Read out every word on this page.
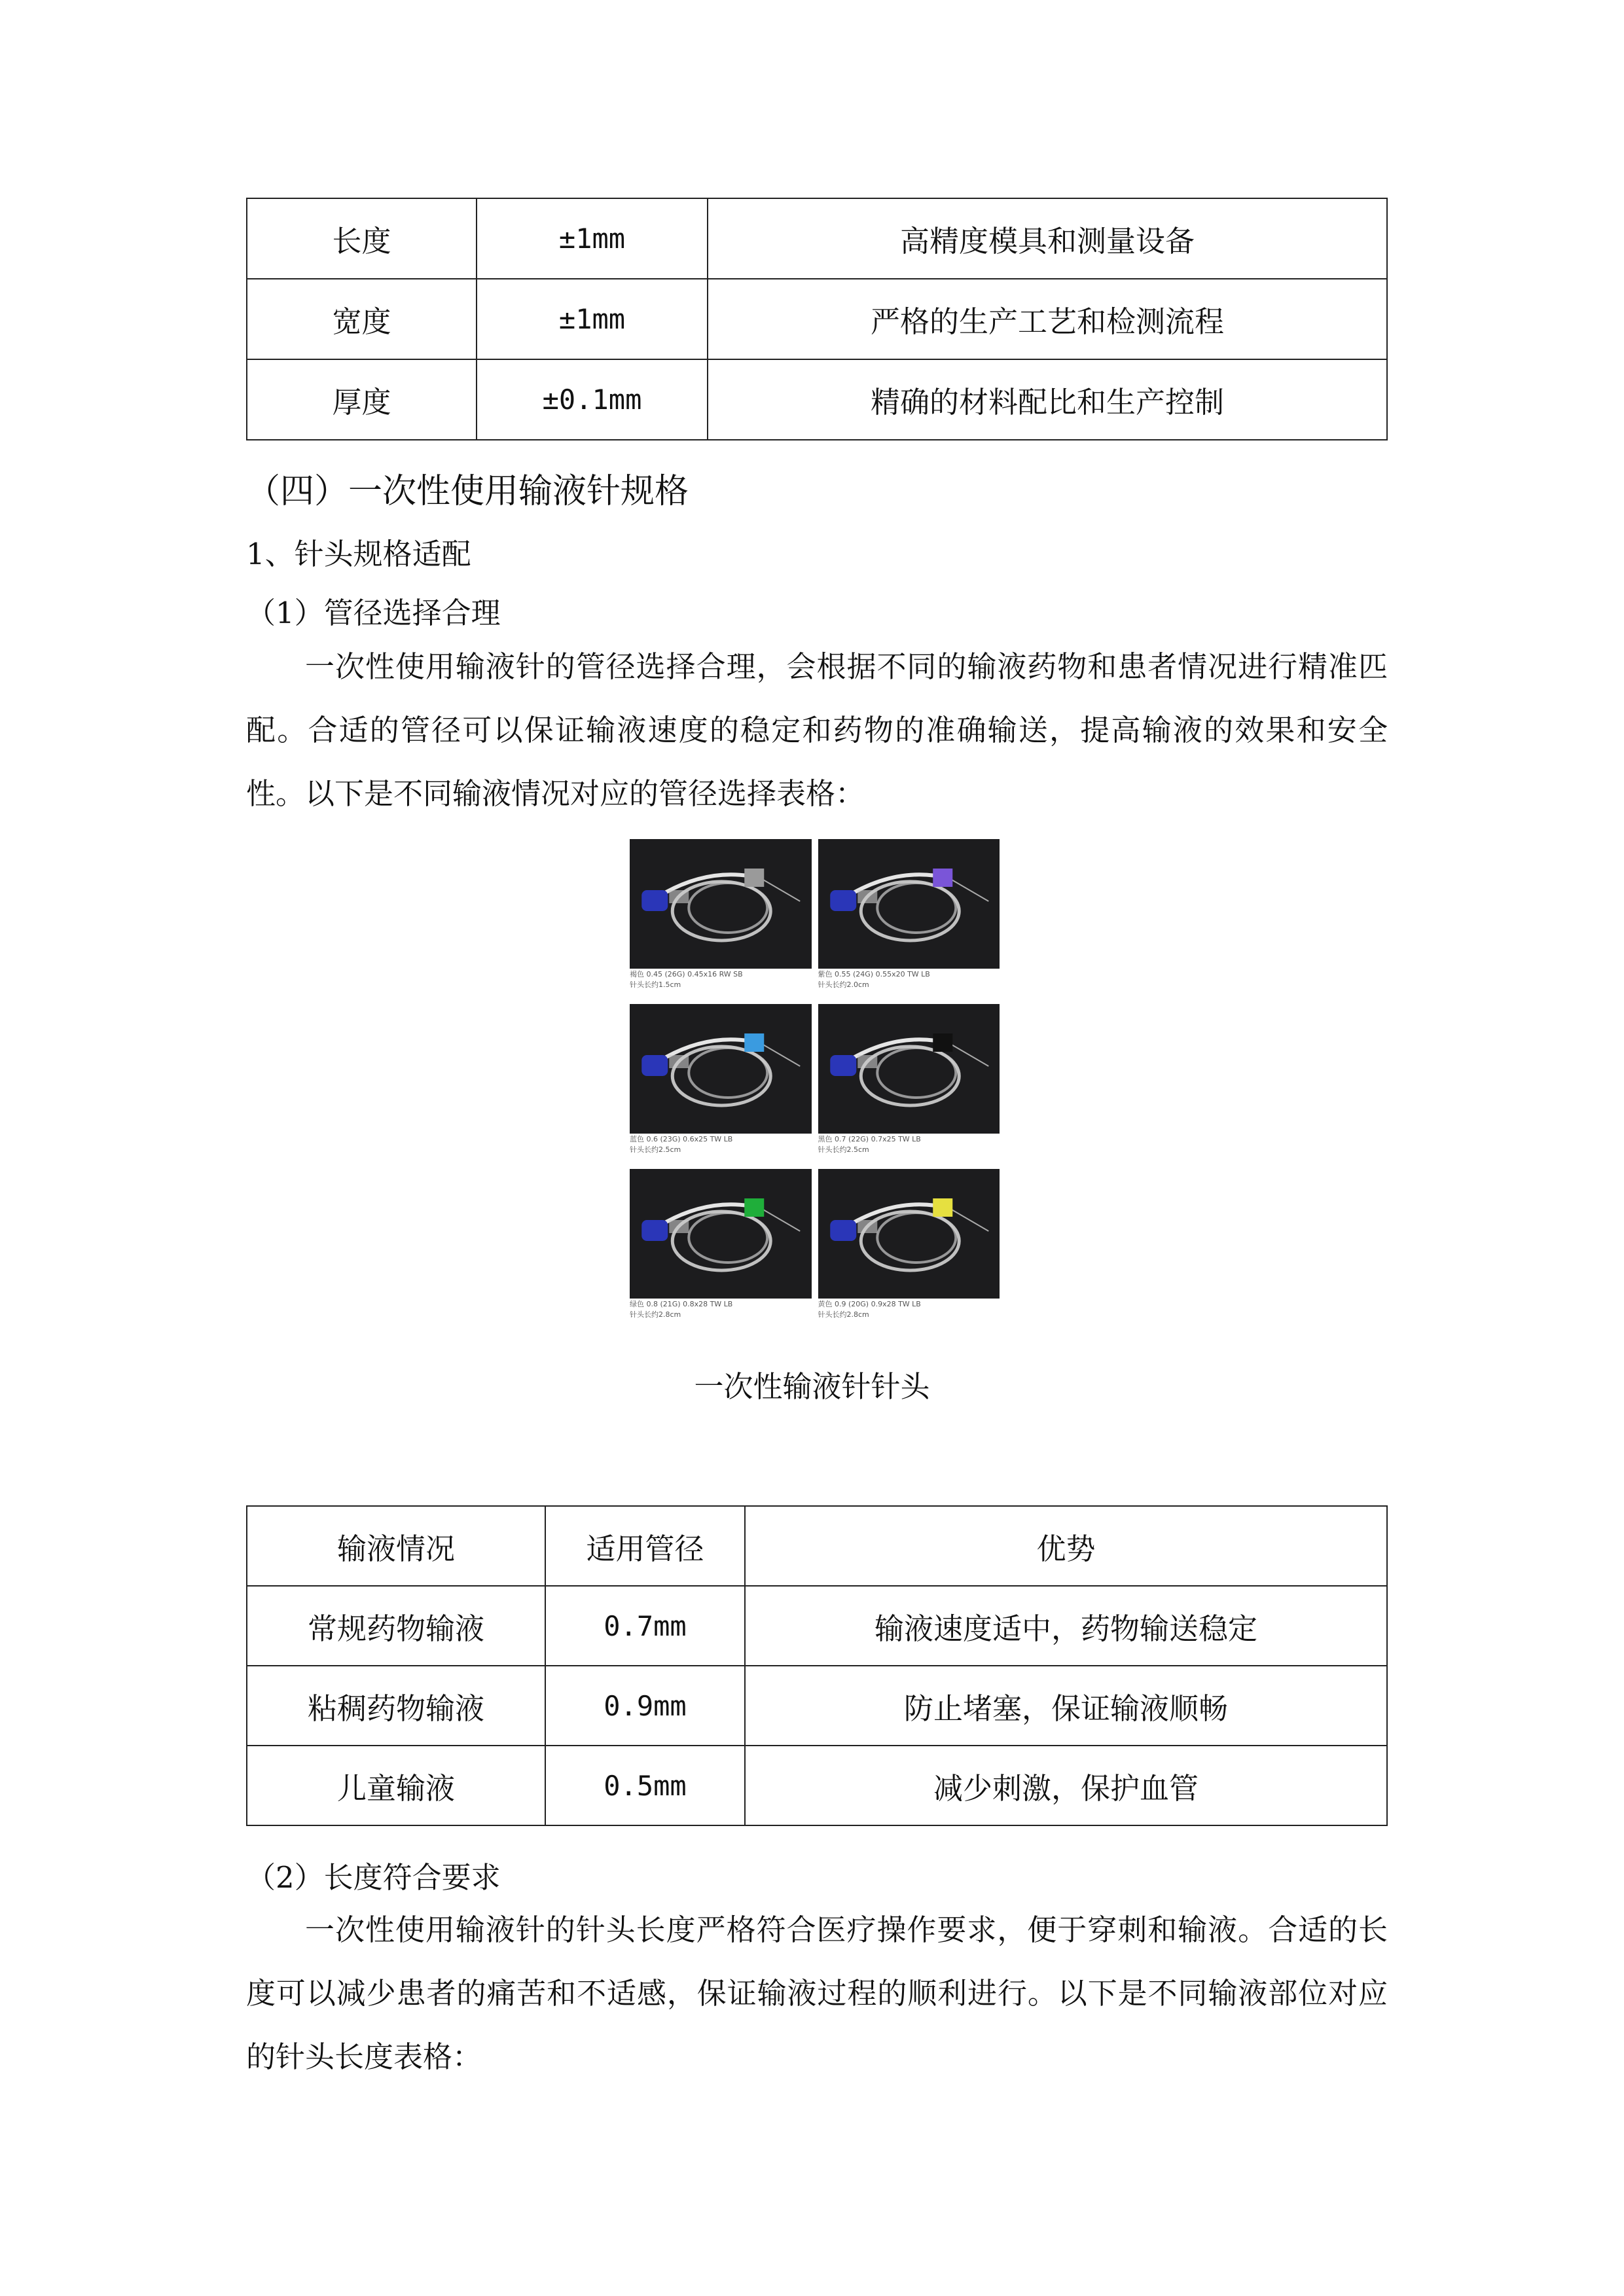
长度	±1mm	高精度模具和测量设备
宽度	±1mm	严格的生产工艺和检测流程
厚度	±0.1mm	精确的材料配比和生产控制
（四）一次性使用输液针规格
1、针头规格适配
（1）管径选择合理
一次性使用输液针的管径选择合理，会根据不同的输液药物和患者情况进行精准匹配。合适的管径可以保证输液速度的稳定和药物的准确输送，提高输液的效果和安全性。以下是不同输液情况对应的管径选择表格：
褐色 0.45 (26G) 0.45x16 RW SB
针头长约1.5cm
紫色 0.55 (24G) 0.55x20 TW LB
针头长约2.0cm
蓝色 0.6 (23G) 0.6x25 TW LB
针头长约2.5cm
黑色 0.7 (22G) 0.7x25 TW LB
针头长约2.5cm
绿色 0.8 (21G) 0.8x28 TW LB
针头长约2.8cm
黄色 0.9 (20G) 0.9x28 TW LB
针头长约2.8cm
一次性输液针针头
输液情况	适用管径	优势
常规药物输液	0.7mm	输液速度适中，药物输送稳定
粘稠药物输液	0.9mm	防止堵塞，保证输液顺畅
儿童输液	0.5mm	减少刺激，保护血管
（2）长度符合要求
一次性使用输液针的针头长度严格符合医疗操作要求，便于穿刺和输液。合适的长度可以减少患者的痛苦和不适感，保证输液过程的顺利进行。以下是不同输液部位对应的针头长度表格：
